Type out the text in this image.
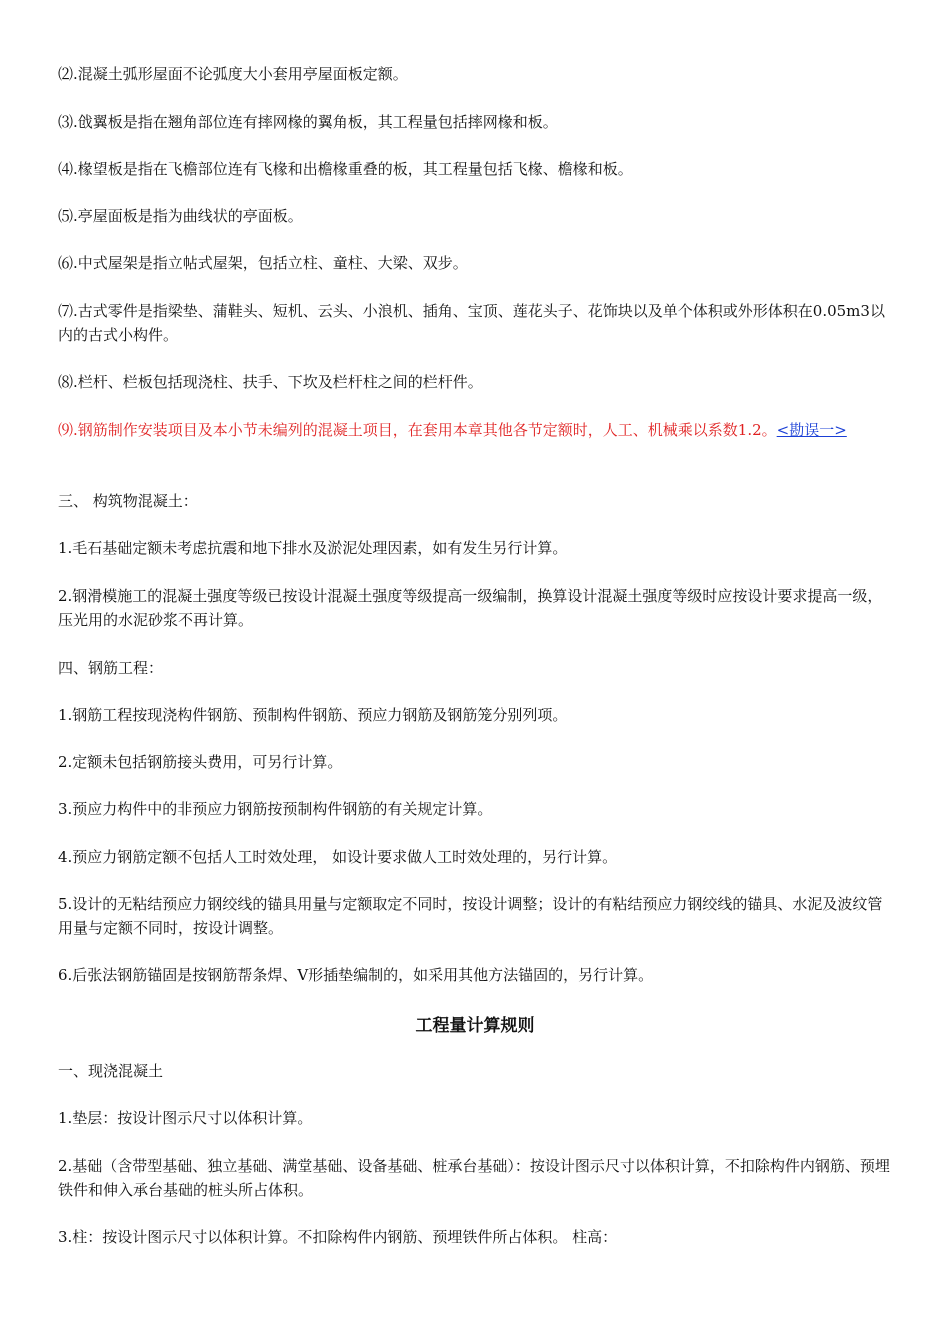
⑵.混凝土弧形屋面不论弧度大小套用亭屋面板定额。

⑶.戗翼板是指在翘角部位连有摔网椽的翼角板，其工程量包括摔网椽和板。

⑷.椽望板是指在飞檐部位连有飞椽和出檐椽重叠的板，其工程量包括飞椽、檐椽和板。

⑸.亭屋面板是指为曲线状的亭面板。

⑹.中式屋架是指立帖式屋架，包括立柱、童柱、大梁、双步。

⑺.古式零件是指梁垫、蒲鞋头、短机、云头、小浪机、插角、宝顶、莲花头子、花饰块以及单个体积或外形体积在0.05m3以内的古式小构件。

⑻.栏杆、栏板包括现浇柱、扶手、下坎及栏杆柱之间的栏杆件。

⑼.钢筋制作安装项目及本小节未编列的混凝土项目，在套用本章其他各节定额时，人工、机械乘以系数1.2。<勘误一>

三、 构筑物混凝土：

1.毛石基础定额未考虑抗震和地下排水及淤泥处理因素，如有发生另行计算。

2.钢滑模施工的混凝土强度等级已按设计混凝土强度等级提高一级编制，换算设计混凝土强度等级时应按设计要求提高一级，压光用的水泥砂浆不再计算。

四、钢筋工程：

1.钢筋工程按现浇构件钢筋、预制构件钢筋、预应力钢筋及钢筋笼分别列项。

2.定额未包括钢筋接头费用，可另行计算。

3.预应力构件中的非预应力钢筋按预制构件钢筋的有关规定计算。

4.预应力钢筋定额不包括人工时效处理， 如设计要求做人工时效处理的，另行计算。

5.设计的无粘结预应力钢绞线的锚具用量与定额取定不同时，按设计调整；设计的有粘结预应力钢绞线的锚具、水泥及波纹管用量与定额不同时，按设计调整。

6.后张法钢筋锚固是按钢筋帮条焊、V形插垫编制的，如采用其他方法锚固的，另行计算。

工程量计算规则

一、现浇混凝土

1.垫层：按设计图示尺寸以体积计算。

2.基础（含带型基础、独立基础、满堂基础、设备基础、桩承台基础）：按设计图示尺寸以体积计算，不扣除构件内钢筋、预埋铁件和伸入承台基础的桩头所占体积。

3.柱：按设计图示尺寸以体积计算。不扣除构件内钢筋、预埋铁件所占体积。 柱高：
